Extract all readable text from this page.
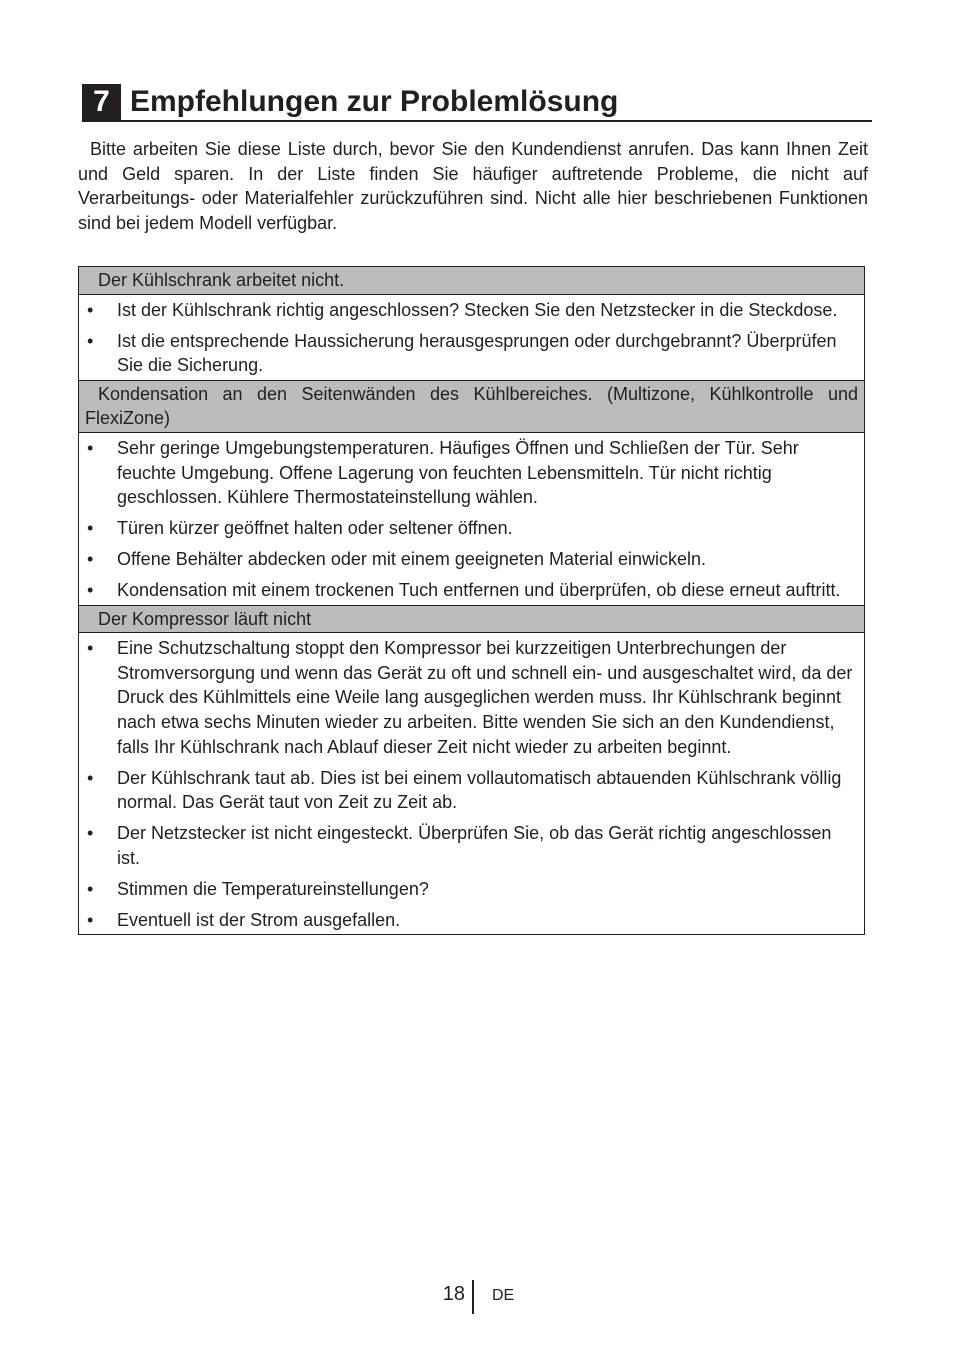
7 Empfehlungen zur Problemlösung

Bitte arbeiten Sie diese Liste durch, bevor Sie den Kundendienst anrufen. Das kann Ihnen Zeit und Geld sparen. In der Liste finden Sie häufiger auftretende Probleme, die nicht auf Verarbeitungs- oder Materialfehler zurückzuführen sind. Nicht alle hier beschriebenen Funktionen sind bei jedem Modell verfügbar.

Der Kühlschrank arbeitet nicht.
• Ist der Kühlschrank richtig angeschlossen? Stecken Sie den Netzstecker in die Steckdose.
• Ist die entsprechende Haussicherung herausgesprungen oder durchgebrannt? Überprüfen Sie die Sicherung.
Kondensation an den Seitenwänden des Kühlbereiches. (Multizone, Kühlkontrolle und FlexiZone)
• Sehr geringe Umgebungstemperaturen. Häufiges Öffnen und Schließen der Tür. Sehr feuchte Umgebung. Offene Lagerung von feuchten Lebensmitteln. Tür nicht richtig geschlossen. Kühlere Thermostateinstellung wählen.
• Türen kürzer geöffnet halten oder seltener öffnen.
• Offene Behälter abdecken oder mit einem geeigneten Material einwickeln.
• Kondensation mit einem trockenen Tuch entfernen und überprüfen, ob diese erneut auftritt.
Der Kompressor läuft nicht
• Eine Schutzschaltung stoppt den Kompressor bei kurzzeitigen Unterbrechungen der Stromversorgung und wenn das Gerät zu oft und schnell ein- und ausgeschaltet wird, da der Druck des Kühlmittels eine Weile lang ausgeglichen werden muss. Ihr Kühlschrank beginnt nach etwa sechs Minuten wieder zu arbeiten. Bitte wenden Sie sich an den Kundendienst, falls Ihr Kühlschrank nach Ablauf dieser Zeit nicht wieder zu arbeiten beginnt.
• Der Kühlschrank taut ab. Dies ist bei einem vollautomatisch abtauenden Kühlschrank völlig normal. Das Gerät taut von Zeit zu Zeit ab.
• Der Netzstecker ist nicht eingesteckt. Überprüfen Sie, ob das Gerät richtig angeschlossen ist.
• Stimmen die Temperatureinstellungen?
• Eventuell ist der Strom ausgefallen.
18 DE
